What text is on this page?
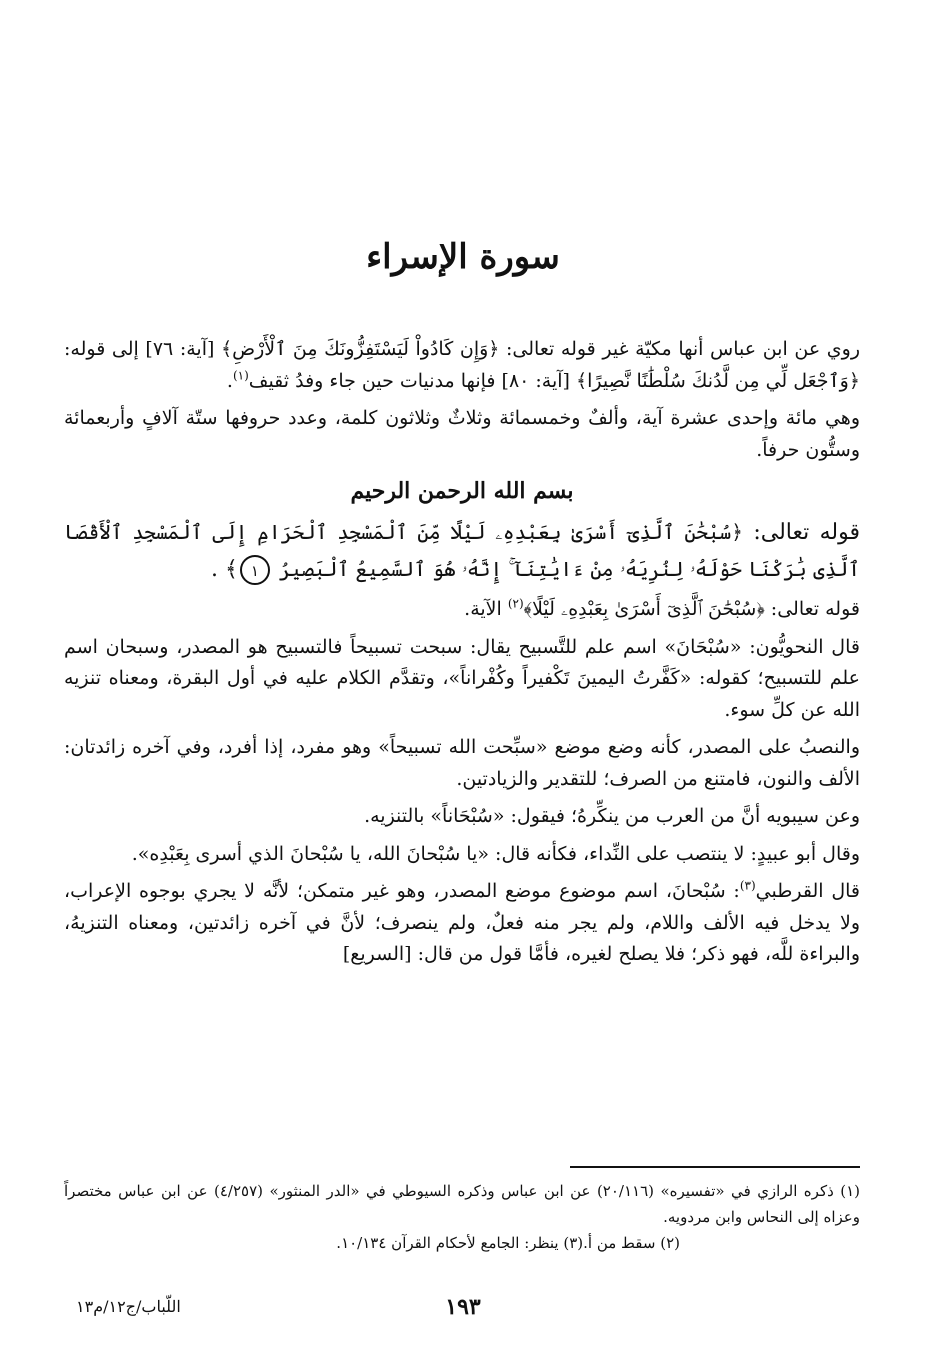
سورة الإسراء

روي عن ابن عباس أنها مكيّة غير قوله تعالى: ﴿وَإِن كَادُواْ لَيَسْتَفِزُّونَكَ مِنَ ٱلْأَرْضِ﴾ [آية: ٧٦] إلى قوله: ﴿وَٱجْعَل لِّي مِن لَّدُنكَ سُلْطَٰنًا نَّصِيرًا﴾ [آية: ٨٠] فإنها مدنيات حين جاء وفدُ ثقيف$^{(١)}$.

وهي مائة وإحدى عشرة آية، وألفٌ وخمسمائة وثلاثٌ وثلاثون كلمة، وعدد حروفها ستّة آلافٍ وأربعمائة وستُّون حرفاً.

بسم الله الرحمن الرحيم

قوله تعالى: ﴿سُبْحَٰنَ ٱلَّذِىٓ أَسْرَىٰ بِعَبْدِهِۦ لَيْلًا مِّنَ ٱلْمَسْجِدِ ٱلْحَرَامِ إِلَى ٱلْمَسْجِدِ ٱلْأَقْصَا ٱلَّذِى بَٰرَكْنَا حَوْلَهُۥ لِنُرِيَهُۥ مِنْ ءَايَٰتِنَآ ۚ إِنَّهُۥ هُوَ ٱلسَّمِيعُ ٱلْبَصِيرُ ١﴾ .

قوله تعالى: ﴿سُبْحَٰنَ ٱلَّذِىٓ أَسْرَىٰ بِعَبْدِهِۦ لَيْلًا﴾$^{(٢)}$ الآية.

قال النحويُّون: «سُبْحَانَ» اسم علم للتَّسبيح يقال: سبحت تسبيحاً فالتسبيح هو المصدر، وسبحان اسم علم للتسبيح؛ كقوله: «كَفَّرتُ اليمينَ تَكْفيراً وكُفْراناً»، وتقدَّم الكلام عليه في أول البقرة، ومعناه تنزيه الله عن كلِّ سوء.

والنصبُ على المصدر، كأنه وضع موضع «سبِّحت الله تسبيحاً» وهو مفرد، إذا أفرد، وفي آخره زائدتان: الألف والنون، فامتنع من الصرف؛ للتقدير والزيادتين.

وعن سيبويه أنَّ من العرب من ينكِّرهُ؛ فيقول: «سُبْحَاناً» بالتنزيه.

وقال أبو عبيدٍ: لا ينتصب على النِّداء، فكأنه قال: «يا سُبْحانَ الله، يا سُبْحانَ الذي أسرى بِعَبْدِه».

قال القرطبي$^{(٣)}$: سُبْحانَ، اسم موضوع موضع المصدر، وهو غير متمكن؛ لأنَّه لا يجري بوجوه الإعراب، ولا يدخل فيه الألف واللام، ولم يجر منه فعلٌ، ولم ينصرف؛ لأنَّ في آخره زائدتين، ومعناه التنزيهُ، والبراءة للَّه، فهو ذكر؛ فلا يصلح لغيره، فأمَّا قول من قال: [السريع]

(١) ذكره الرازي في «تفسيره» (٢٠/١١٦) عن ابن عباس وذكره السيوطي في «الدر المنثور» (٤/٢٥٧) عن ابن عباس مختصراً وعزاه إلى النحاس وابن مردويه.

(٢) سقط من أ.
(٣) ينظر: الجامع لأحكام القرآن ١٠/١٣٤.
١٩٣
اللّباب/ج١٢/م١٣
